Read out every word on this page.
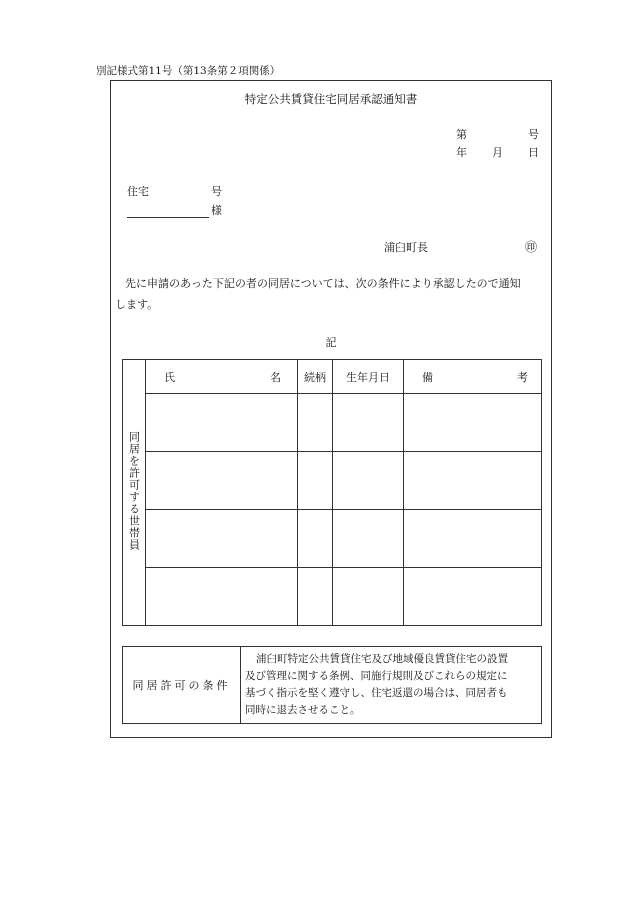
別記様式第11号（第13条第２項関係）
特定公共賃貸住宅同居承認通知書
第	号
年 月 日
住宅	号
様
浦臼町長	㊞
先に申請のあった下記の者の同居については、次の条件により承認したので通知
します。
記
同居を許可する世帯員	氏 名	続柄	生年月日	備 考

同居許可の条件	
浦臼町特定公共賃貸住宅及び地域優良賃貸住宅の設置
及び管理に関する条例、同施行規則及びこれらの規定に
基づく指示を堅く遵守し、住宅返還の場合は、同居者も
同時に退去させること。
